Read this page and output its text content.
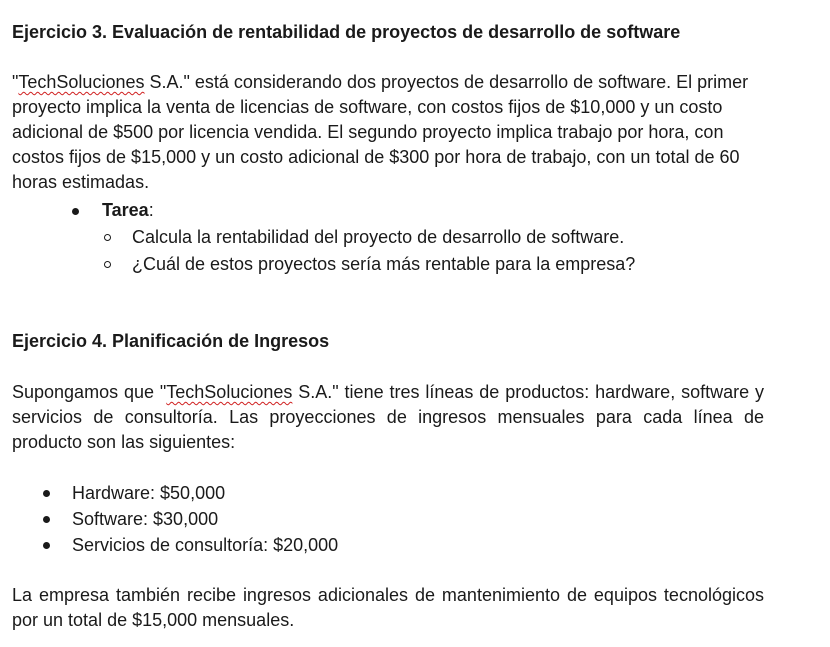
Ejercicio 3. Evaluación de rentabilidad de proyectos de desarrollo de software

"TechSoluciones S.A." está considerando dos proyectos de desarrollo de software. El primer proyecto implica la venta de licencias de software, con costos fijos de $10,000 y un costo adicional de $500 por licencia vendida. El segundo proyecto implica trabajo por hora, con costos fijos de $15,000 y un costo adicional de $300 por hora de trabajo, con un total de 60 horas estimadas.

Tarea:
Calcula la rentabilidad del proyecto de desarrollo de software.
¿Cuál de estos proyectos sería más rentable para la empresa?
Ejercicio 4. Planificación de Ingresos

Supongamos que "TechSoluciones S.A." tiene tres líneas de productos: hardware, software y servicios de consultoría. Las proyecciones de ingresos mensuales para cada línea de producto son las siguientes:

Hardware: $50,000
Software: $30,000
Servicios de consultoría: $20,000

La empresa también recibe ingresos adicionales de mantenimiento de equipos tecnológicos por un total de $15,000 mensuales.
